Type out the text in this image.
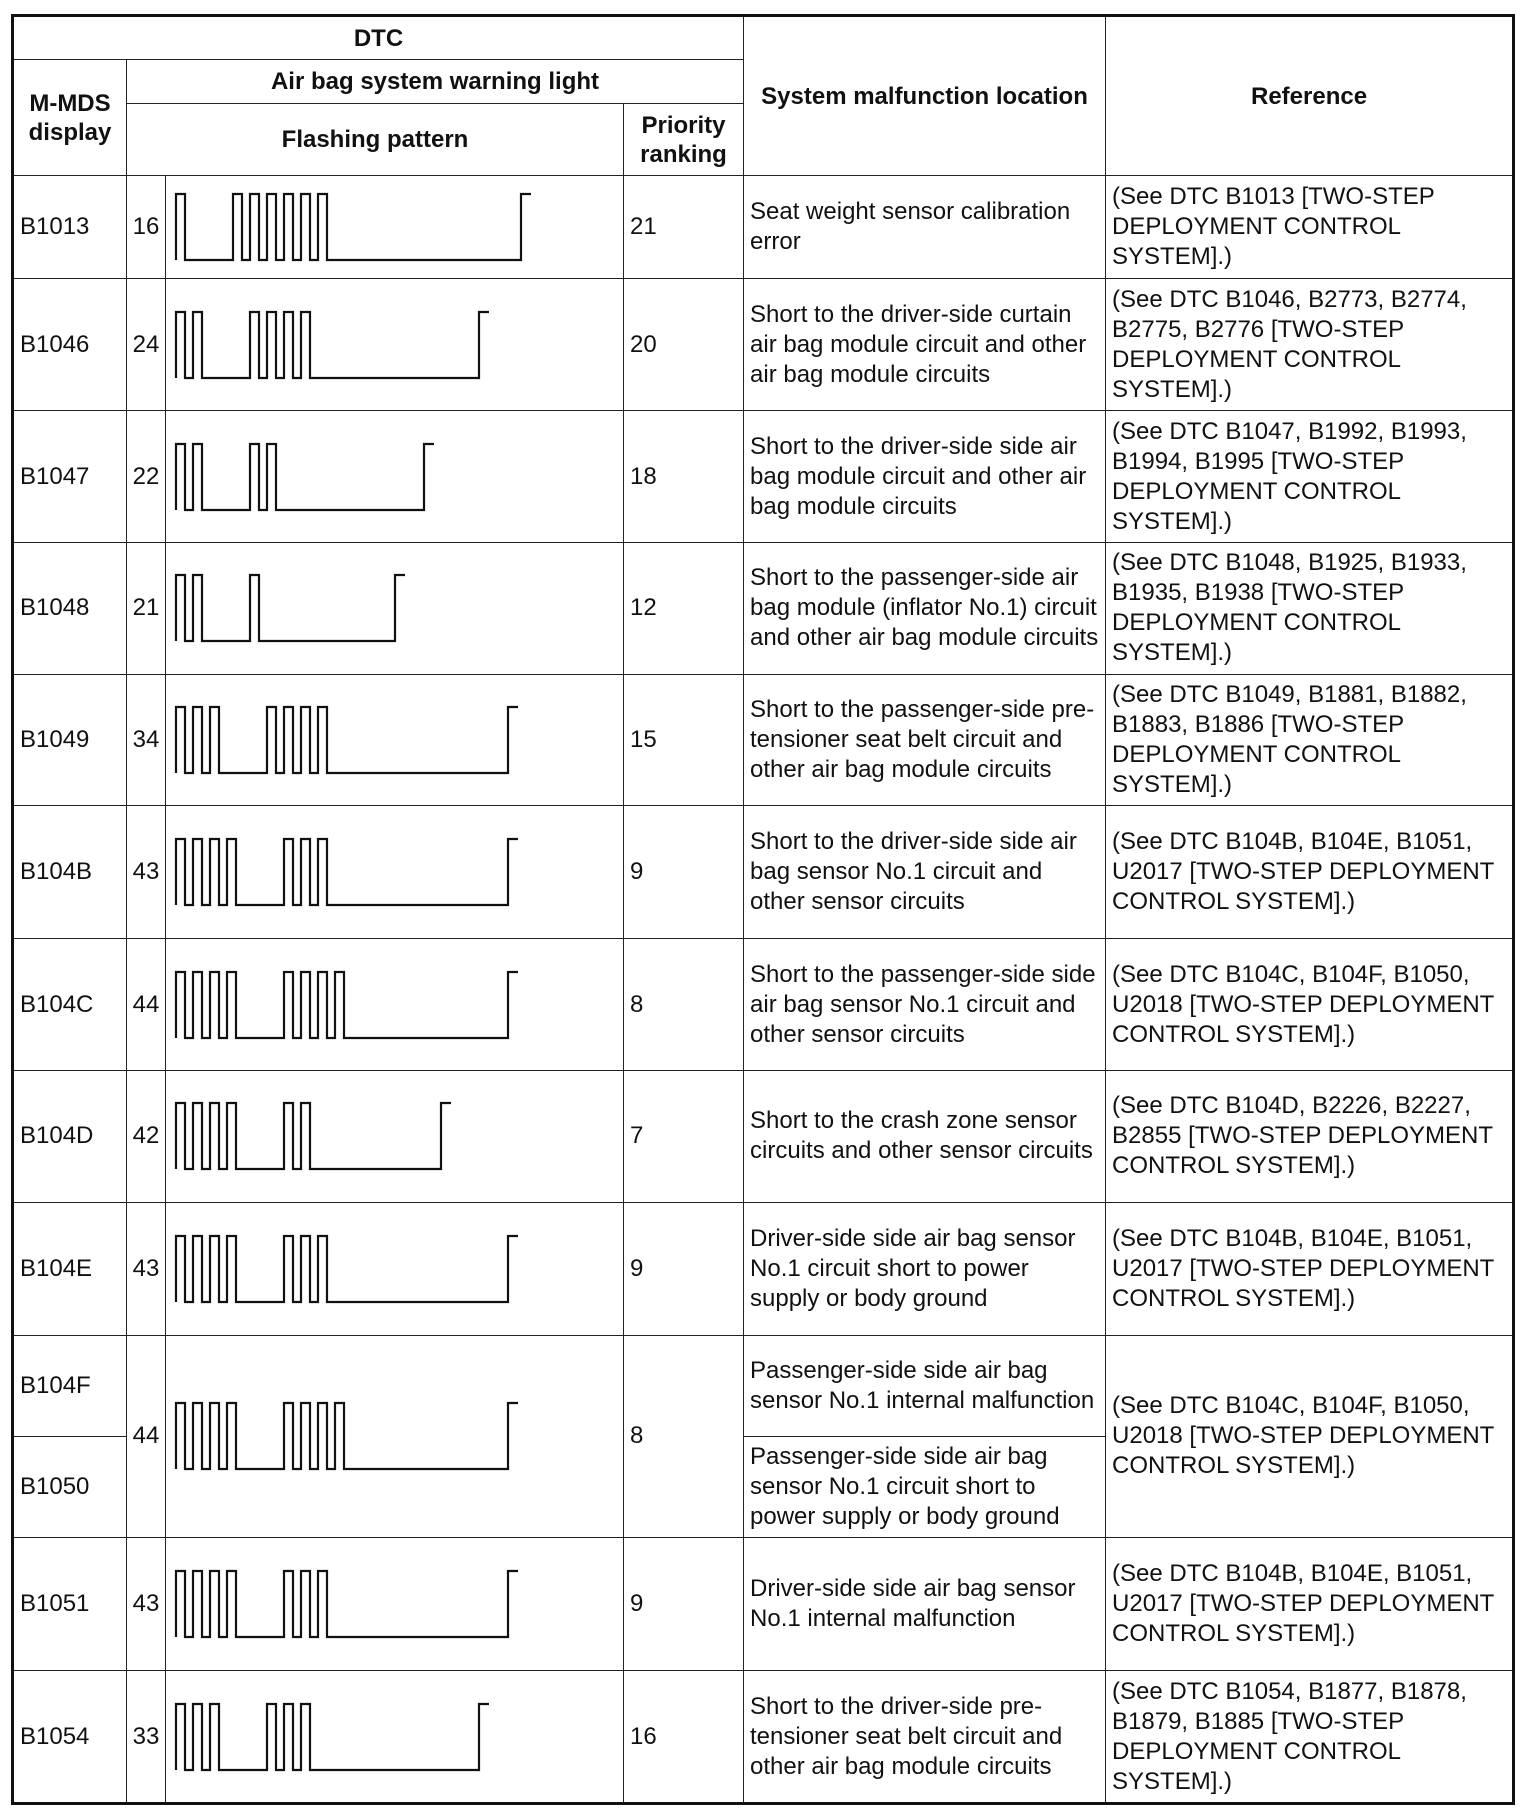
DTC				System malfunction location	Reference
M-MDS display	Air bag system warning light				
	Flashing pattern		Priority ranking		
B1013	16		21	Seat weight sensor calibration error	(See DTC B1013 [TWO-STEP DEPLOYMENT CONTROL SYSTEM].)
B1046	24		20	Short to the driver-side curtain air bag module circuit and other air bag module circuits	(See DTC B1046, B2773, B2774, B2775, B2776 [TWO-STEP DEPLOYMENT CONTROL SYSTEM].)
B1047	22		18	Short to the driver-side side air bag module circuit and other air bag module circuits	(See DTC B1047, B1992, B1993, B1994, B1995 [TWO-STEP DEPLOYMENT CONTROL SYSTEM].)
B1048	21		12	Short to the passenger-side air bag module (inflator No.1) circuit and other air bag module circuits	(See DTC B1048, B1925, B1933, B1935, B1938 [TWO-STEP DEPLOYMENT CONTROL SYSTEM].)
B1049	34		15	Short to the passenger-side pre-tensioner seat belt circuit and other air bag module circuits	(See DTC B1049, B1881, B1882, B1883, B1886 [TWO-STEP DEPLOYMENT CONTROL SYSTEM].)
B104B	43		9	Short to the driver-side side air bag sensor No.1 circuit and other sensor circuits	(See DTC B104B, B104E, B1051, U2017 [TWO-STEP DEPLOYMENT CONTROL SYSTEM].)
B104C	44		8	Short to the passenger-side side air bag sensor No.1 circuit and other sensor circuits	(See DTC B104C, B104F, B1050, U2018 [TWO-STEP DEPLOYMENT CONTROL SYSTEM].)
B104D	42		7	Short to the crash zone sensor circuits and other sensor circuits	(See DTC B104D, B2226, B2227, B2855 [TWO-STEP DEPLOYMENT CONTROL SYSTEM].)
B104E	43		9	Driver-side side air bag sensor No.1 circuit short to power supply or body ground	(See DTC B104B, B104E, B1051, U2017 [TWO-STEP DEPLOYMENT CONTROL SYSTEM].)
B104F	44		8	Passenger-side side air bag sensor No.1 internal malfunction	(See DTC B104C, B104F, B1050, U2018 [TWO-STEP DEPLOYMENT CONTROL SYSTEM].)
B1050				Passenger-side side air bag sensor No.1 circuit short to power supply or body ground	
B1051	43		9	Driver-side side air bag sensor No.1 internal malfunction	(See DTC B104B, B104E, B1051, U2017 [TWO-STEP DEPLOYMENT CONTROL SYSTEM].)
B1054	33		16	Short to the driver-side pre-tensioner seat belt circuit and other air bag module circuits	(See DTC B1054, B1877, B1878, B1879, B1885 [TWO-STEP DEPLOYMENT CONTROL SYSTEM].)
